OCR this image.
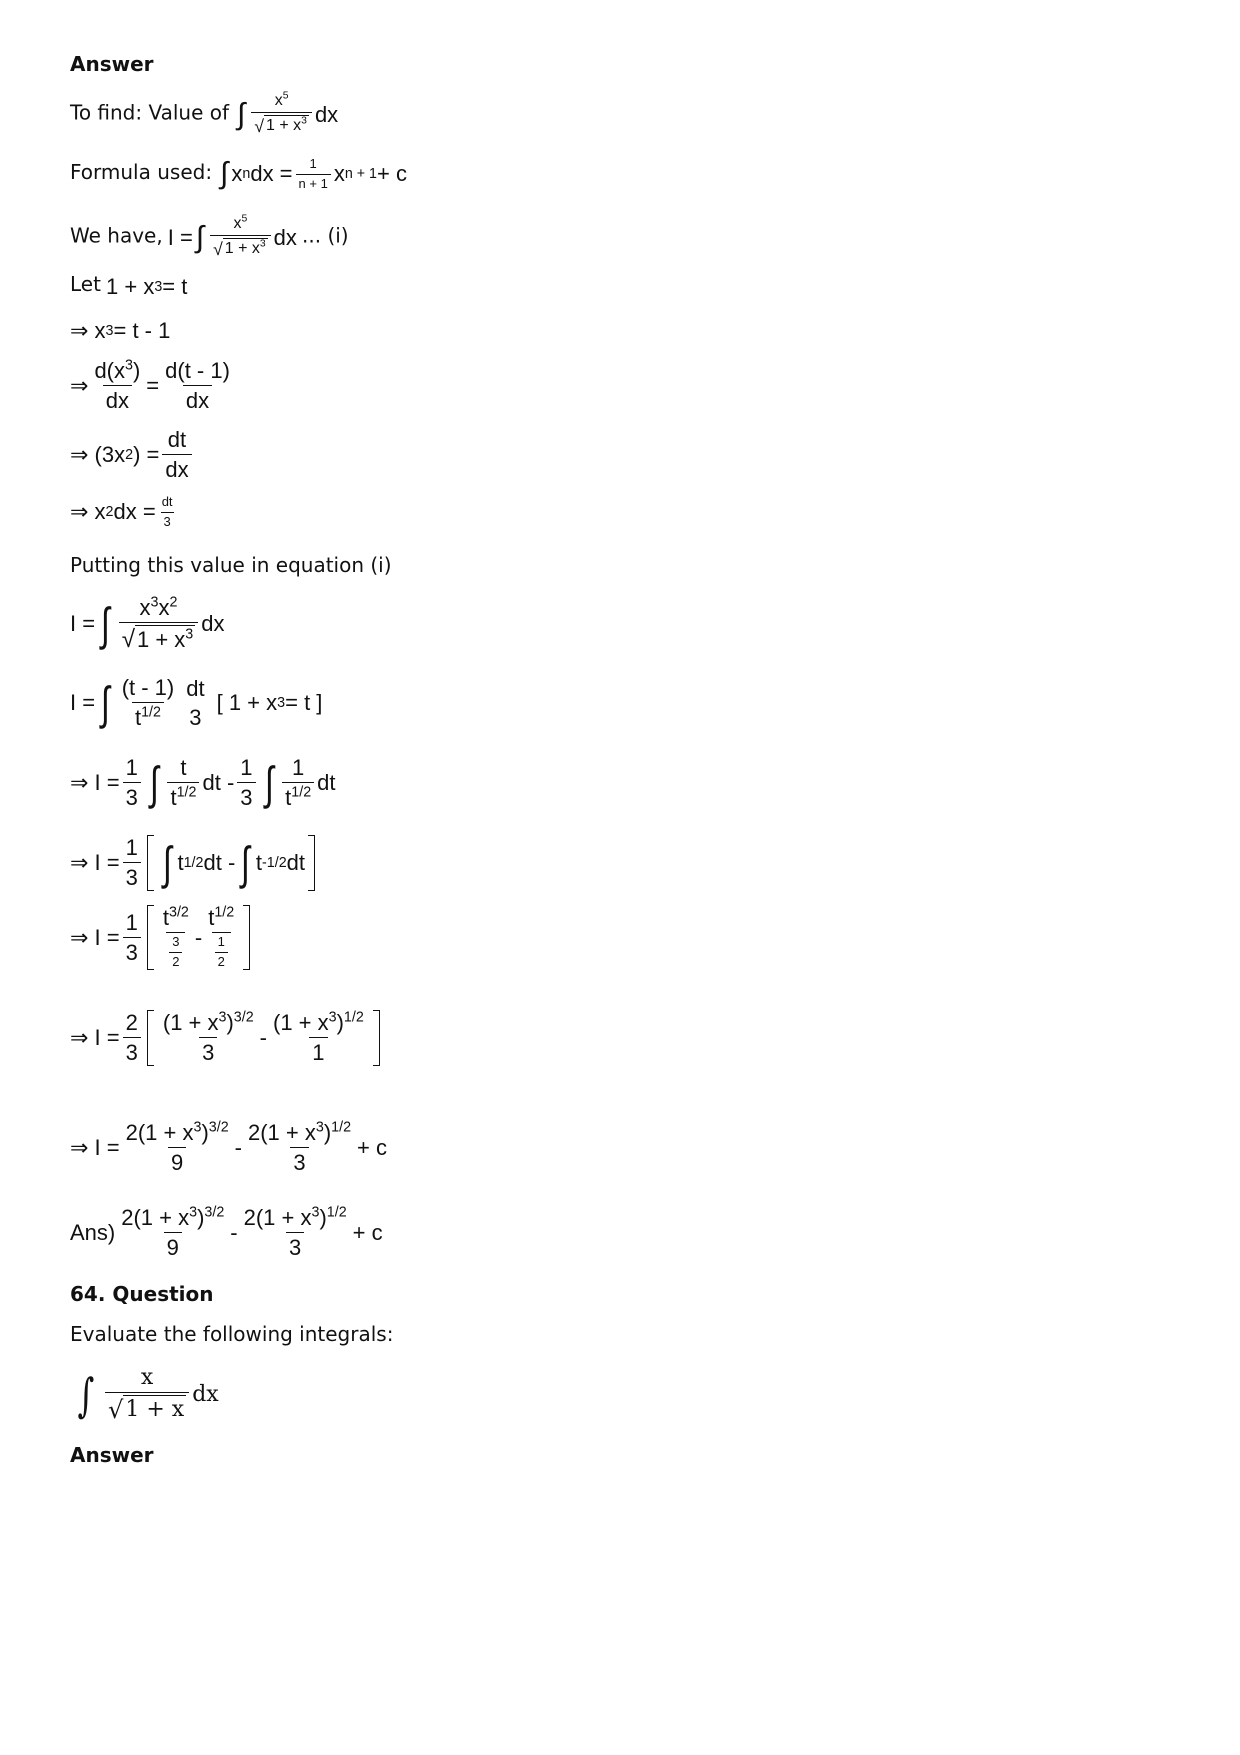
Answer
To find: Value of ∫ $\frac{x^5}{√ 1 + x^3}$ dx
Formula used: ∫ x n dx = $\frac{1}{n + 1}$ x n + 1 + c
We have, I = ∫ $\frac{x^5}{√ 1 + x^3}$ dx ... (i)
Let 1 + x 3 = t
⇒ x 3 = t - 1
⇒ $\frac{d(x^3)}{dx} = \frac{d(t - 1)}{dx}$
⇒ (3x 2 ) = $\frac{dt}{dx}$
⇒ x 2 dx = $\frac{dt}{3}$
Putting this value in equation (i)
I = ∫ $\frac{x^3x^2}{√ 1 + x^3}$ dx
I = ∫ $\frac{(t - 1)}{t^{1/2}}$ dt
3
[ 1 + x 3 = t ]
⇒ $I = \frac{1}{3}$ ∫ $\frac{t}{t^{1/2}}$ dt - $\frac{1}{3}$ ∫ $\frac{1}{t^{1/2}}$ dt
⇒ $I = \frac{1}{3}$ ∫ t 1/2 dt - ∫ t -1/2 dt
⇒ $I = \frac{1}{3} \frac{t^{3/2}}{\frac{3}{2}} - \frac{t^{1/2}}{\frac{1}{2}}$
⇒ $I = \frac{2}{3} \frac{(1 + x^3)^{3/2}}{3} - \frac{(1 + x^3)^{1/2}}{1}$
⇒ $I = \frac{2(1 + x^3)^{3/2}}{9} - \frac{2(1 + x^3)^{1/2}}{3} + c$
$Ans) \frac{2(1 + x^3)^{3/2}}{9} - \frac{2(1 + x^3)^{1/2}}{3} + c$
64. Question
Evaluate the following integrals:
∫ $\frac{x}{√ 1 + x}$ dx
Answer
